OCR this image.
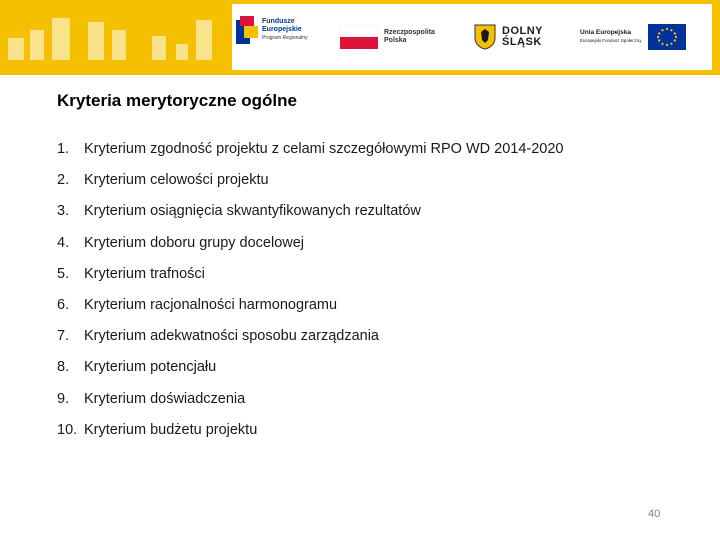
Fundusze
Europejskie
Program Regionalny
Rzeczpospolita
Polska
DOLNY
ŚLĄSK
Unia Europejska
Europejski Fundusz Społeczny
Kryteria merytoryczne ogólne
1. Kryterium zgodność projektu z celami szczegółowymi RPO WD 2014-2020
2. Kryterium celowości projektu
3. Kryterium osiągnięcia skwantyfikowanych rezultatów
4. Kryterium doboru grupy docelowej
5. Kryterium trafności
6. Kryterium racjonalności harmonogramu
7. Kryterium adekwatności sposobu zarządzania
8. Kryterium potencjału
9. Kryterium doświadczenia
10. Kryterium budżetu projektu
40
